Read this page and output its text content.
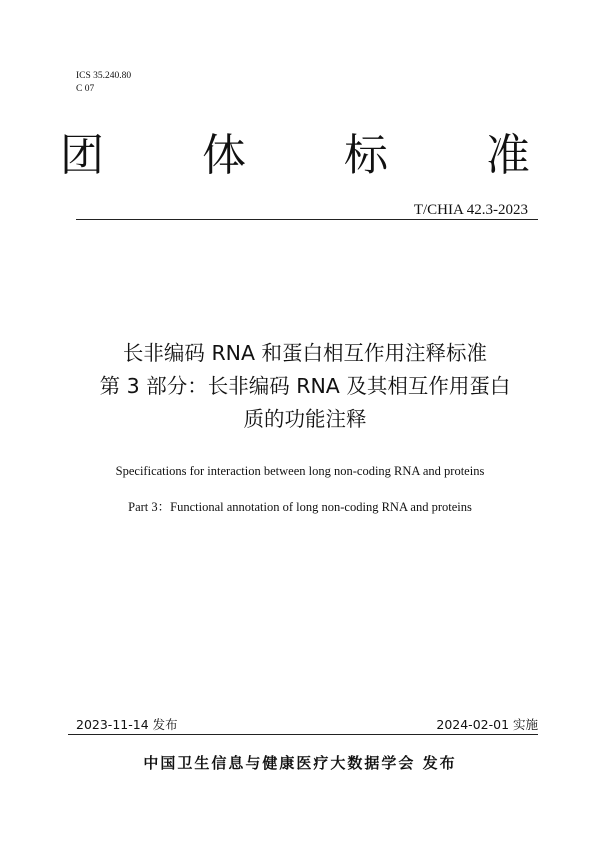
ICS 35.240.80
C 07
团 体 标 准
T/CHIA 42.3-2023
长非编码 RNA 和蛋白相互作用注释标准
第 3 部分：长非编码 RNA 及其相互作用蛋白
质的功能注释
Specifications for interaction between long non-coding RNA and proteins
Part 3：Functional annotation of long non-coding RNA and proteins
2023-11-14 发布	2024-02-01 实施
中国卫生信息与健康医疗大数据学会 发布
